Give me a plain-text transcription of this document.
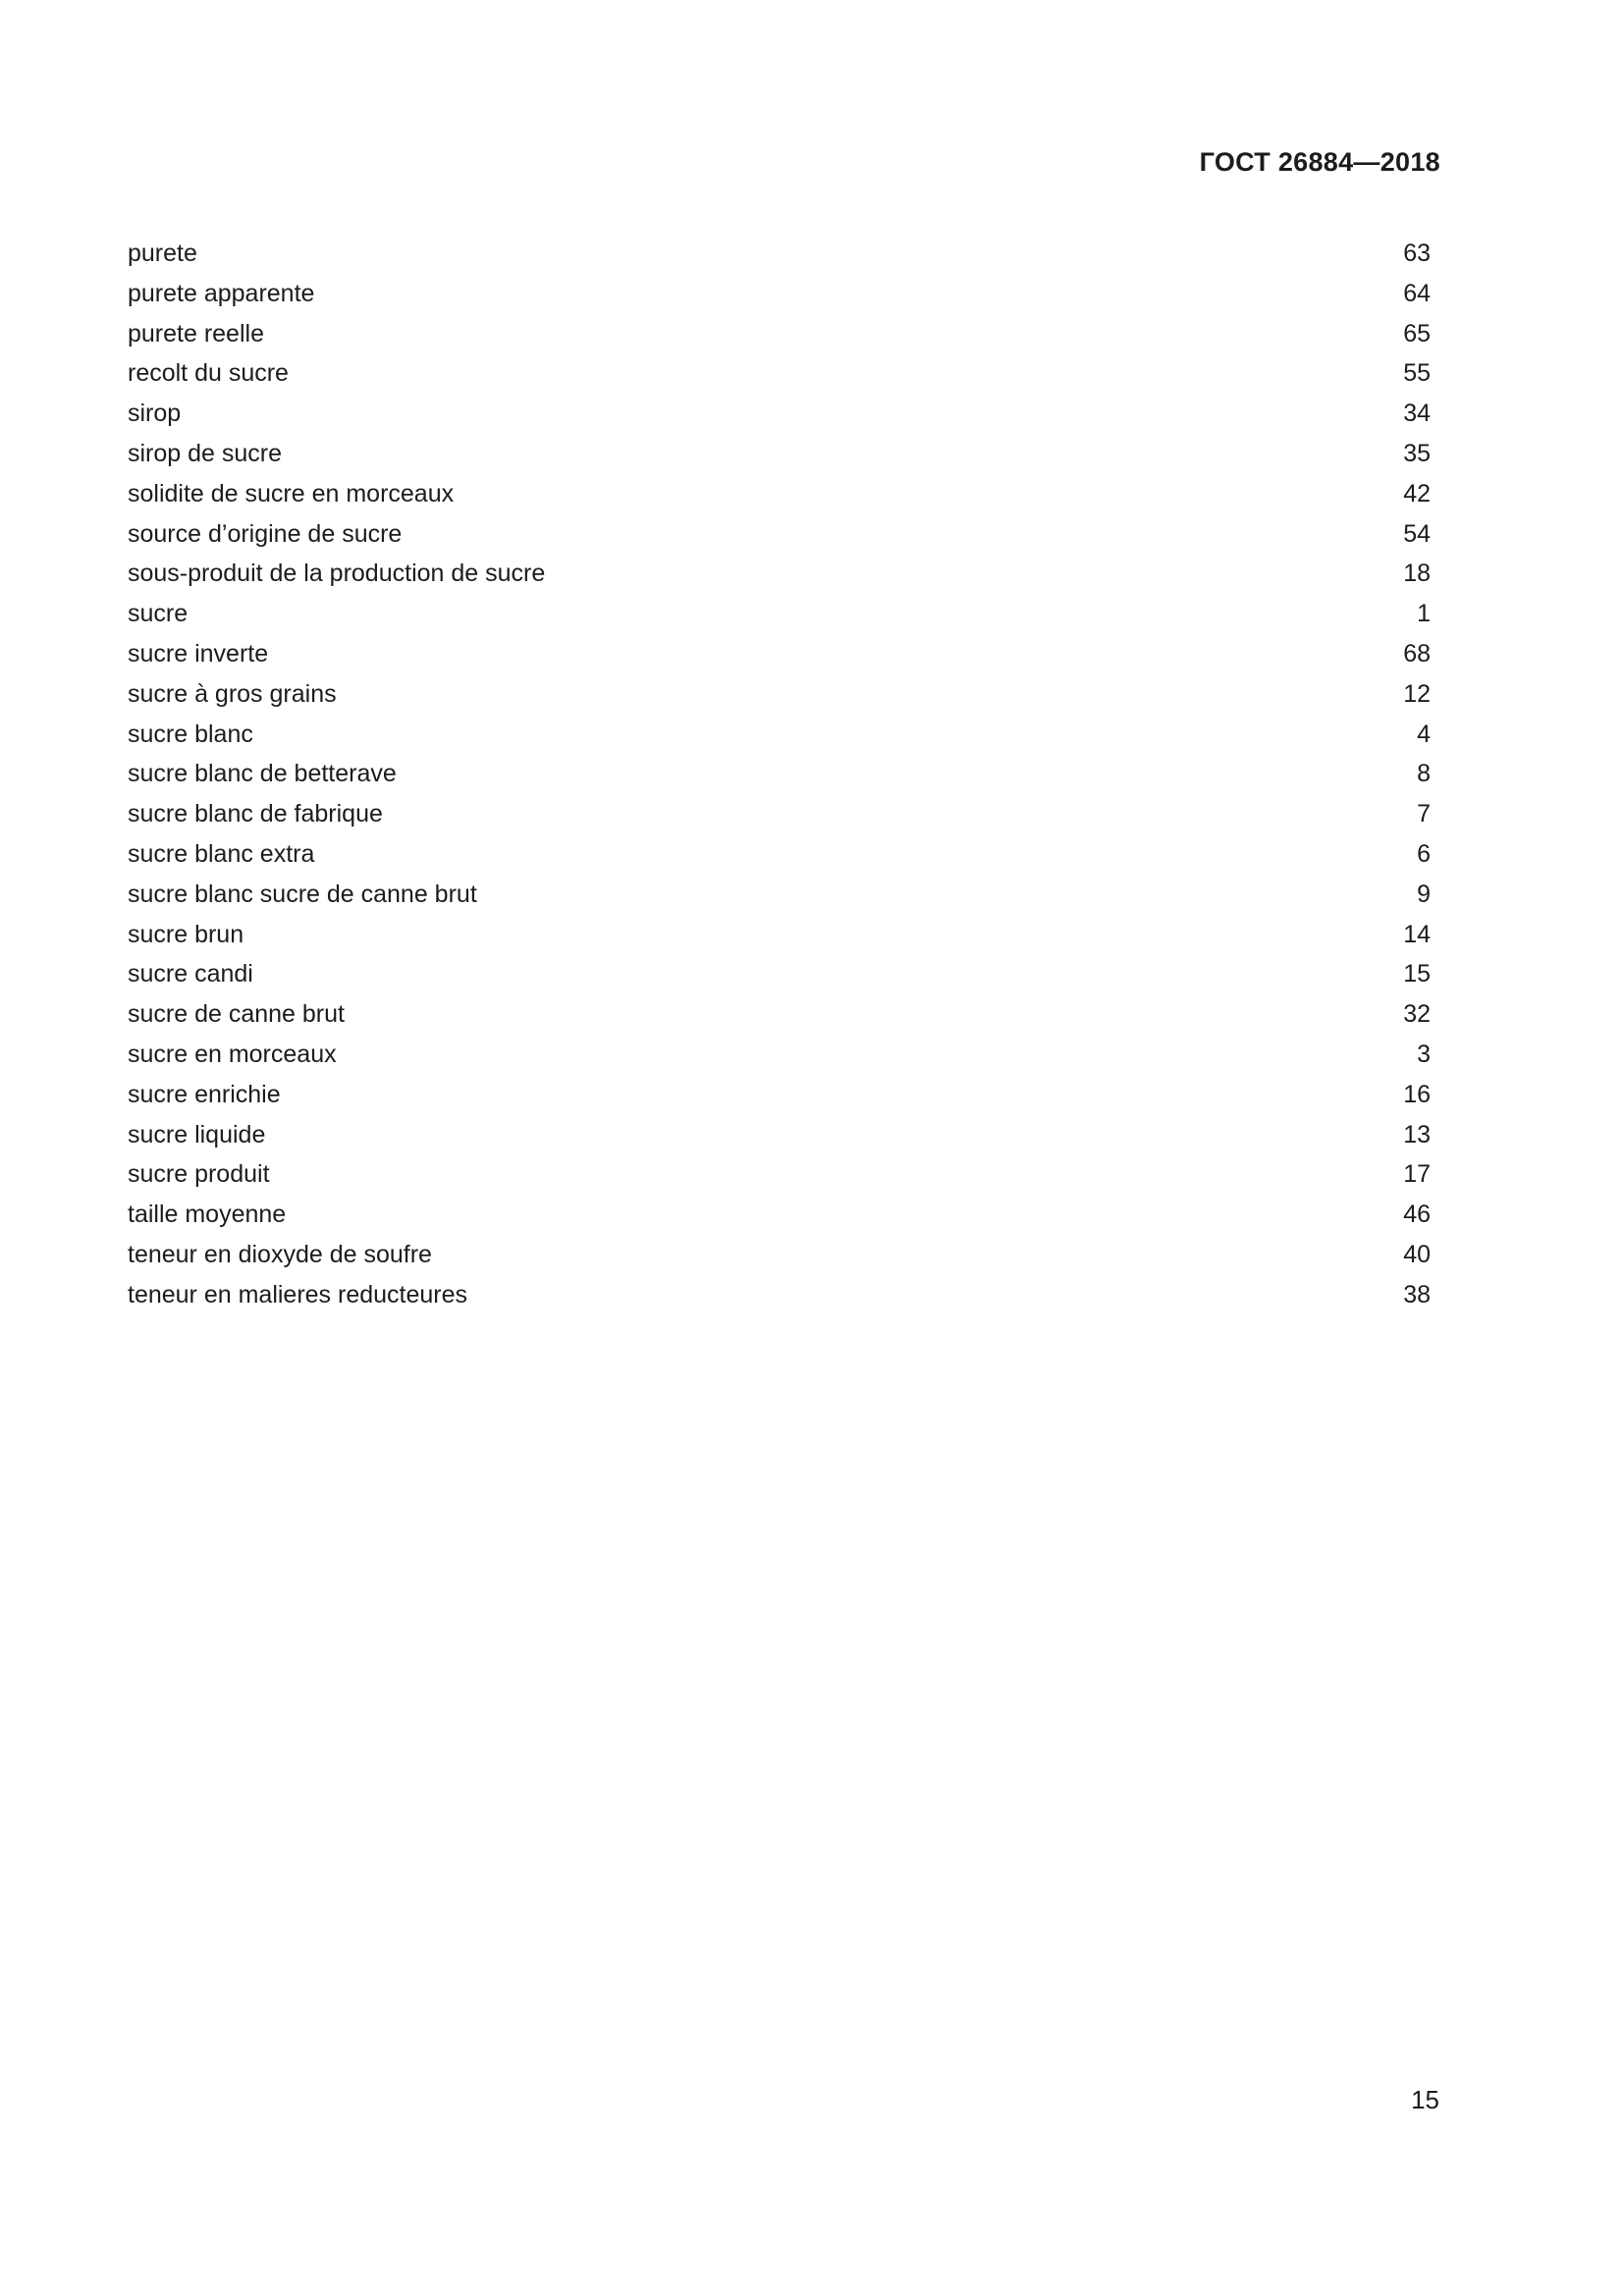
ГОСТ 26884—2018
purete	63
purete apparente	64
purete reelle	65
recolt du sucre	55
sirop	34
sirop de sucre	35
solidite de sucre en morceaux	42
source d’origine de sucre	54
sous-produit de la production de sucre	18
sucre	1
sucre inverte	68
sucre à gros grains	12
sucre blanc	4
sucre blanc de betterave	8
sucre blanc de fabrique	7
sucre blanc extra	6
sucre blanc sucre de canne brut	9
sucre brun	14
sucre candi	15
sucre de canne brut	32
sucre en morceaux	3
sucre enrichie	16
sucre liquide	13
sucre produit	17
taille moyenne	46
teneur en dioxyde de soufre	40
teneur en malieres reducteures	38
15
